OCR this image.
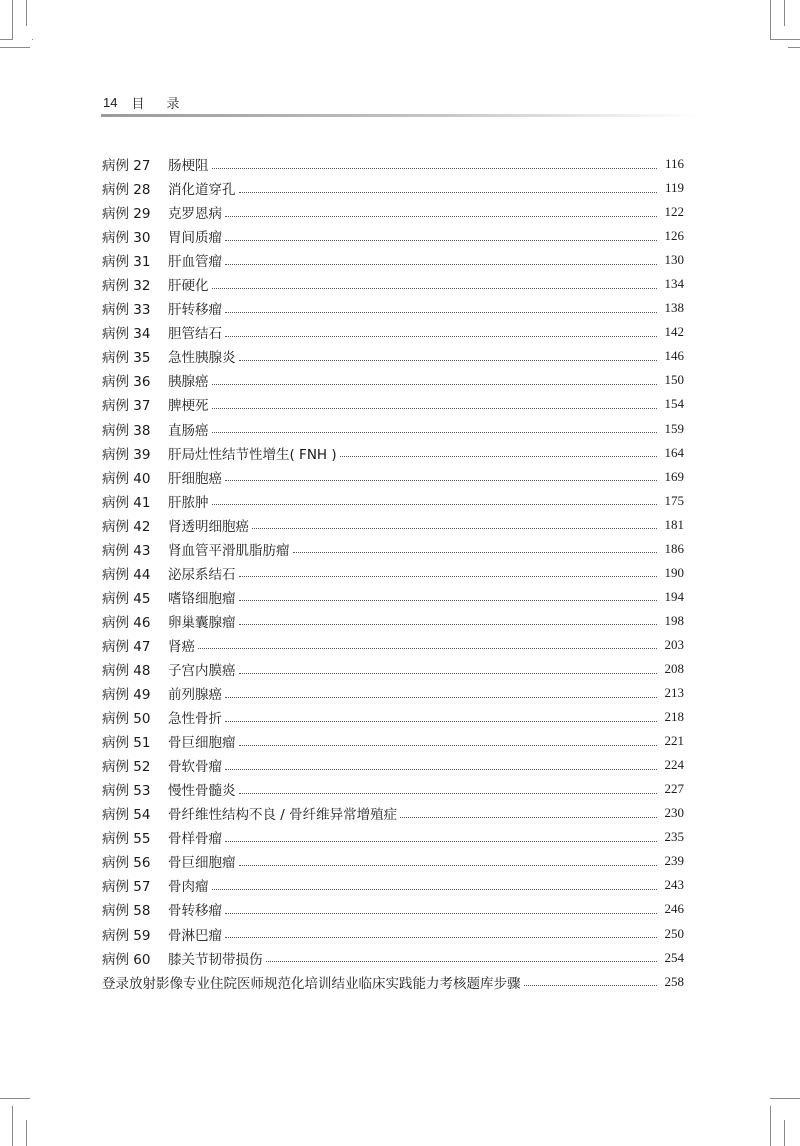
14 目 录
病例 27 肠梗阻	116
病例 28 消化道穿孔	119
病例 29 克罗恩病	122
病例 30 胃间质瘤	126
病例 31 肝血管瘤	130
病例 32 肝硬化	134
病例 33 肝转移瘤	138
病例 34 胆管结石	142
病例 35 急性胰腺炎	146
病例 36 胰腺癌	150
病例 37 脾梗死	154
病例 38 直肠癌	159
病例 39 肝局灶性结节性增生( FNH )	164
病例 40 肝细胞癌	169
病例 41 肝脓肿	175
病例 42 肾透明细胞癌	181
病例 43 肾血管平滑肌脂肪瘤	186
病例 44 泌尿系结石	190
病例 45 嗜铬细胞瘤	194
病例 46 卵巢囊腺瘤	198
病例 47 肾癌	203
病例 48 子宫内膜癌	208
病例 49 前列腺癌	213
病例 50 急性骨折	218
病例 51 骨巨细胞瘤	221
病例 52 骨软骨瘤	224
病例 53 慢性骨髓炎	227
病例 54 骨纤维性结构不良 / 骨纤维异常增殖症	230
病例 55 骨样骨瘤	235
病例 56 骨巨细胞瘤	239
病例 57 骨肉瘤	243
病例 58 骨转移瘤	246
病例 59 骨淋巴瘤	250
病例 60 膝关节韧带损伤	254
登录放射影像专业住院医师规范化培训结业临床实践能力考核题库步骤	258
